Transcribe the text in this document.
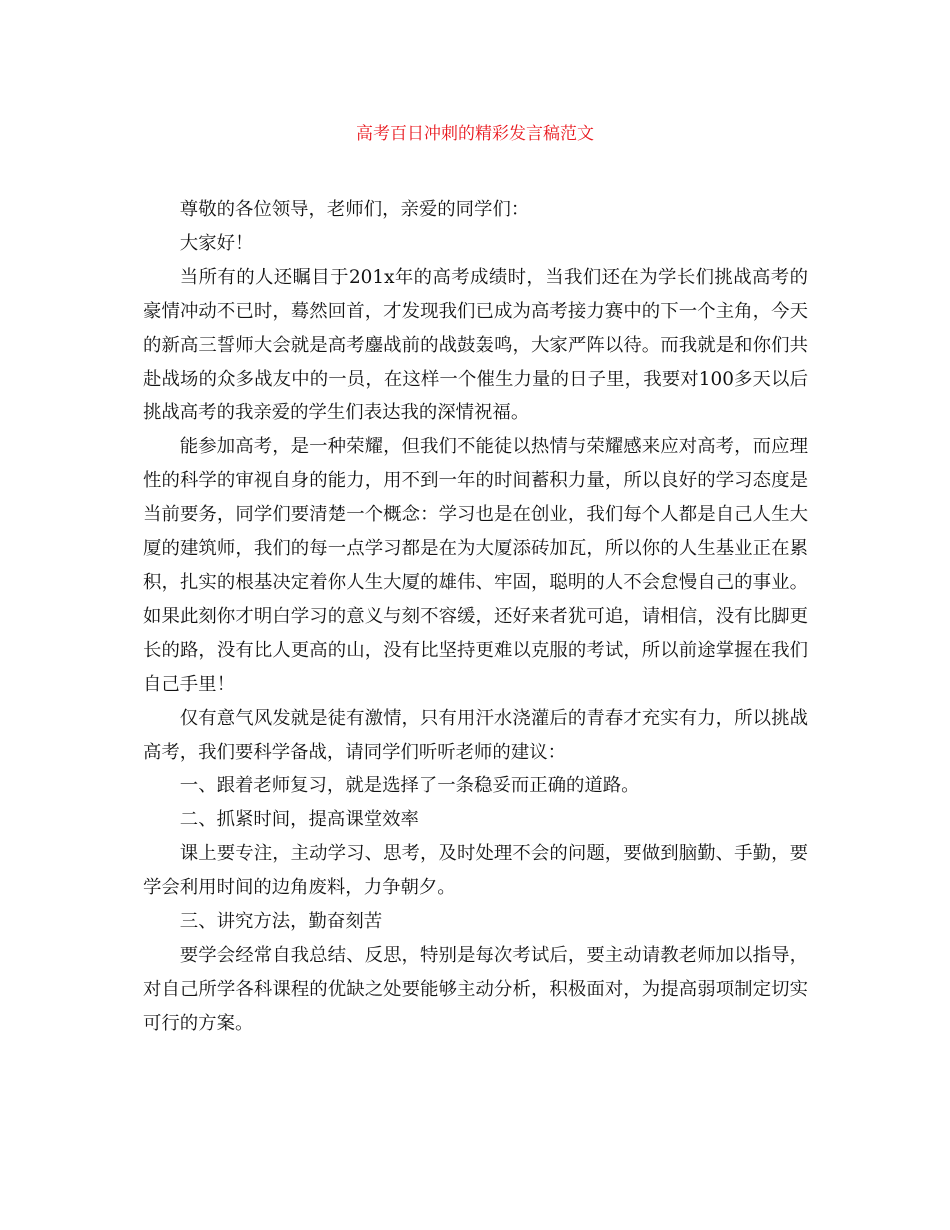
高考百日冲刺的精彩发言稿范文

尊敬的各位领导，老师们，亲爱的同学们：

大家好！

当所有的人还瞩目于201x年的高考成绩时，当我们还在为学长们挑战高考的豪情冲动不已时，蓦然回首，才发现我们已成为高考接力赛中的下一个主角，今天的新高三誓师大会就是高考鏖战前的战鼓轰鸣，大家严阵以待。而我就是和你们共赴战场的众多战友中的一员，在这样一个催生力量的日子里，我要对100多天以后挑战高考的我亲爱的学生们表达我的深情祝福。

能参加高考，是一种荣耀，但我们不能徒以热情与荣耀感来应对高考，而应理性的科学的审视自身的能力，用不到一年的时间蓄积力量，所以良好的学习态度是当前要务，同学们要清楚一个概念：学习也是在创业，我们每个人都是自己人生大厦的建筑师，我们的每一点学习都是在为大厦添砖加瓦，所以你的人生基业正在累积，扎实的根基决定着你人生大厦的雄伟、牢固，聪明的人不会怠慢自己的事业。如果此刻你才明白学习的意义与刻不容缓，还好来者犹可追，请相信，没有比脚更长的路，没有比人更高的山，没有比坚持更难以克服的考试，所以前途掌握在我们自己手里！

仅有意气风发就是徒有激情，只有用汗水浇灌后的青春才充实有力，所以挑战高考，我们要科学备战，请同学们听听老师的建议：

一、跟着老师复习，就是选择了一条稳妥而正确的道路。

二、抓紧时间，提高课堂效率

课上要专注，主动学习、思考，及时处理不会的问题，要做到脑勤、手勤，要学会利用时间的边角废料，力争朝夕。

三、讲究方法，勤奋刻苦

要学会经常自我总结、反思，特别是每次考试后，要主动请教老师加以指导，对自己所学各科课程的优缺之处要能够主动分析，积极面对，为提高弱项制定切实可行的方案。
